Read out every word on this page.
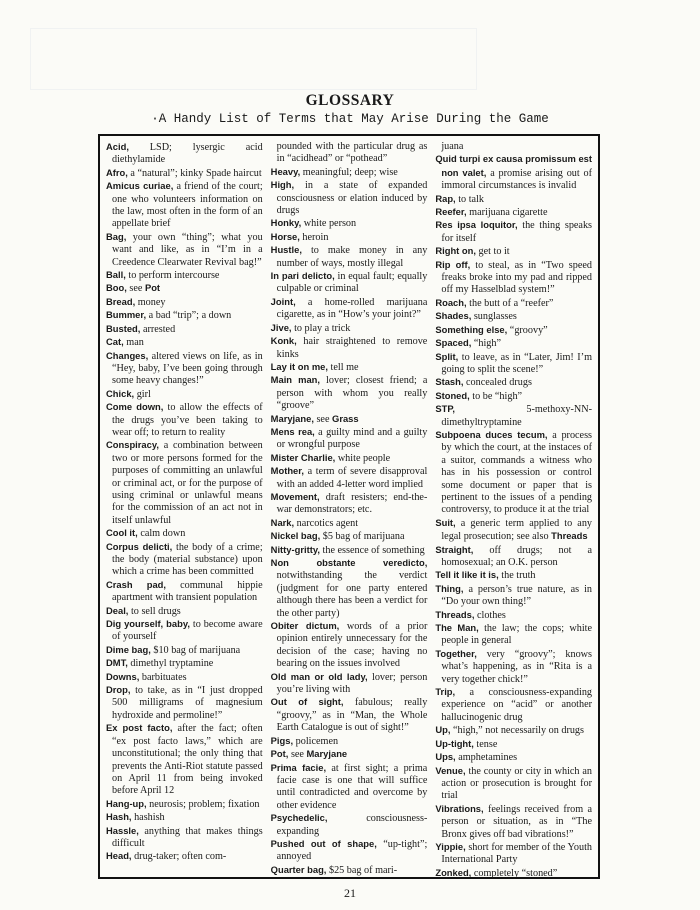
GLOSSARY
·A Handy List of Terms that May Arise During the Game

Acid, LSD; lysergic acid diethylamide

Afro, a “natural”; kinky Spade haircut

Amicus curiae, a friend of the court; one who volunteers information on the law, most often in the form of an appellate brief

Bag, your own “thing”; what you want and like, as in “I’m in a Creedence Clearwater Revival bag!”

Ball, to perform intercourse

Boo, see Pot

Bread, money

Bummer, a bad “trip”; a down

Busted, arrested

Cat, man

Changes, altered views on life, as in “Hey, baby, I’ve been going through some heavy changes!”

Chick, girl

Come down, to allow the effects of the drugs you’ve been taking to wear off; to return to reality

Conspiracy, a combination between two or more persons formed for the purposes of committing an unlawful or criminal act, or for the purpose of using criminal or unlawful means for the commission of an act not in itself unlawful

Cool it, calm down

Corpus delicti, the body of a crime; the body (material substance) upon which a crime has been committed

Crash pad, communal hippie apartment with transient population

Deal, to sell drugs

Dig yourself, baby, to become aware of yourself

Dime bag, $10 bag of marijuana

DMT, dimethyl tryptamine

Downs, barbituates

Drop, to take, as in “I just dropped 500 milligrams of magnesium hydroxide and permoline!”

Ex post facto, after the fact; often “ex post facto laws,” which are unconstitutional; the only thing that prevents the Anti-Riot statute passed on April 11 from being invoked before April 12

Hang-up, neurosis; problem; fixation

Hash, hashish

Hassle, anything that makes things difficult

Head, drug-taker; often com-

pounded with the particular drug as in “acidhead” or “pothead”

Heavy, meaningful; deep; wise

High, in a state of expanded consciousness or elation induced by drugs

Honky, white person

Horse, heroin

Hustle, to make money in any number of ways, mostly illegal

In pari delicto, in equal fault; equally culpable or criminal

Joint, a home-rolled marijuana cigarette, as in “How’s your joint?”

Jive, to play a trick

Konk, hair straightened to remove kinks

Lay it on me, tell me

Main man, lover; closest friend; a person with whom you really “groove”

Maryjane, see Grass

Mens rea, a guilty mind and a guilty or wrongful purpose

Mister Charlie, white people

Mother, a term of severe disapproval with an added 4-letter word implied

Movement, draft resisters; end-the-war demonstrators; etc.

Nark, narcotics agent

Nickel bag, $5 bag of marijuana

Nitty-gritty, the essence of something

Non obstante veredicto, notwithstanding the verdict (judgment for one party entered although there has been a verdict for the other party)

Obiter dictum, words of a prior opinion entirely unnecessary for the decision of the case; having no bearing on the issues involved

Old man or old lady, lover; person you’re living with

Out of sight, fabulous; really “groovy,” as in “Man, the Whole Earth Catalogue is out of sight!”

Pigs, policemen

Pot, see Maryjane

Prima facie, at first sight; a prima facie case is one that will suffice until contradicted and overcome by other evidence

Psychedelic, consciousness-expanding

Pushed out of shape, “up-tight”; annoyed

Quarter bag, $25 bag of mari-

juana

Quid turpi ex causa promissum est non valet, a promise arising out of immoral circumstances is invalid

Rap, to talk

Reefer, marijuana cigarette

Res ipsa loquitor, the thing speaks for itself

Right on, get to it

Rip off, to steal, as in “Two speed freaks broke into my pad and ripped off my Hasselblad system!”

Roach, the butt of a “reefer”

Shades, sunglasses

Something else, “groovy”

Spaced, “high”

Split, to leave, as in “Later, Jim! I’m going to split the scene!”

Stash, concealed drugs

Stoned, to be “high”

STP, 5-methoxy-NN-dimethyltryptamine

Subpoena duces tecum, a process by which the court, at the instaces of a suitor, commands a witness who has in his possession or control some document or paper that is pertinent to the issues of a pending controversy, to produce it at the trial

Suit, a generic term applied to any legal prosecution; see also Threads

Straight, off drugs; not a homosexual; an O.K. person

Tell it like it is, the truth

Thing, a person’s true nature, as in “Do your own thing!”

Threads, clothes

The Man, the law; the cops; white people in general

Together, very “groovy”; knows what’s happening, as in “Rita is a very together chick!”

Trip, a consciousness-expanding experience on “acid” or another hallucinogenic drug

Up, “high,” not necessarily on drugs

Up-tight, tense

Ups, amphetamines

Venue, the county or city in which an action or prosecution is brought for trial

Vibrations, feelings received from a person or situation, as in “The Bronx gives off bad vibrations!”

Yippie, short for member of the Youth International Party

Zonked, completely “stoned”

21
